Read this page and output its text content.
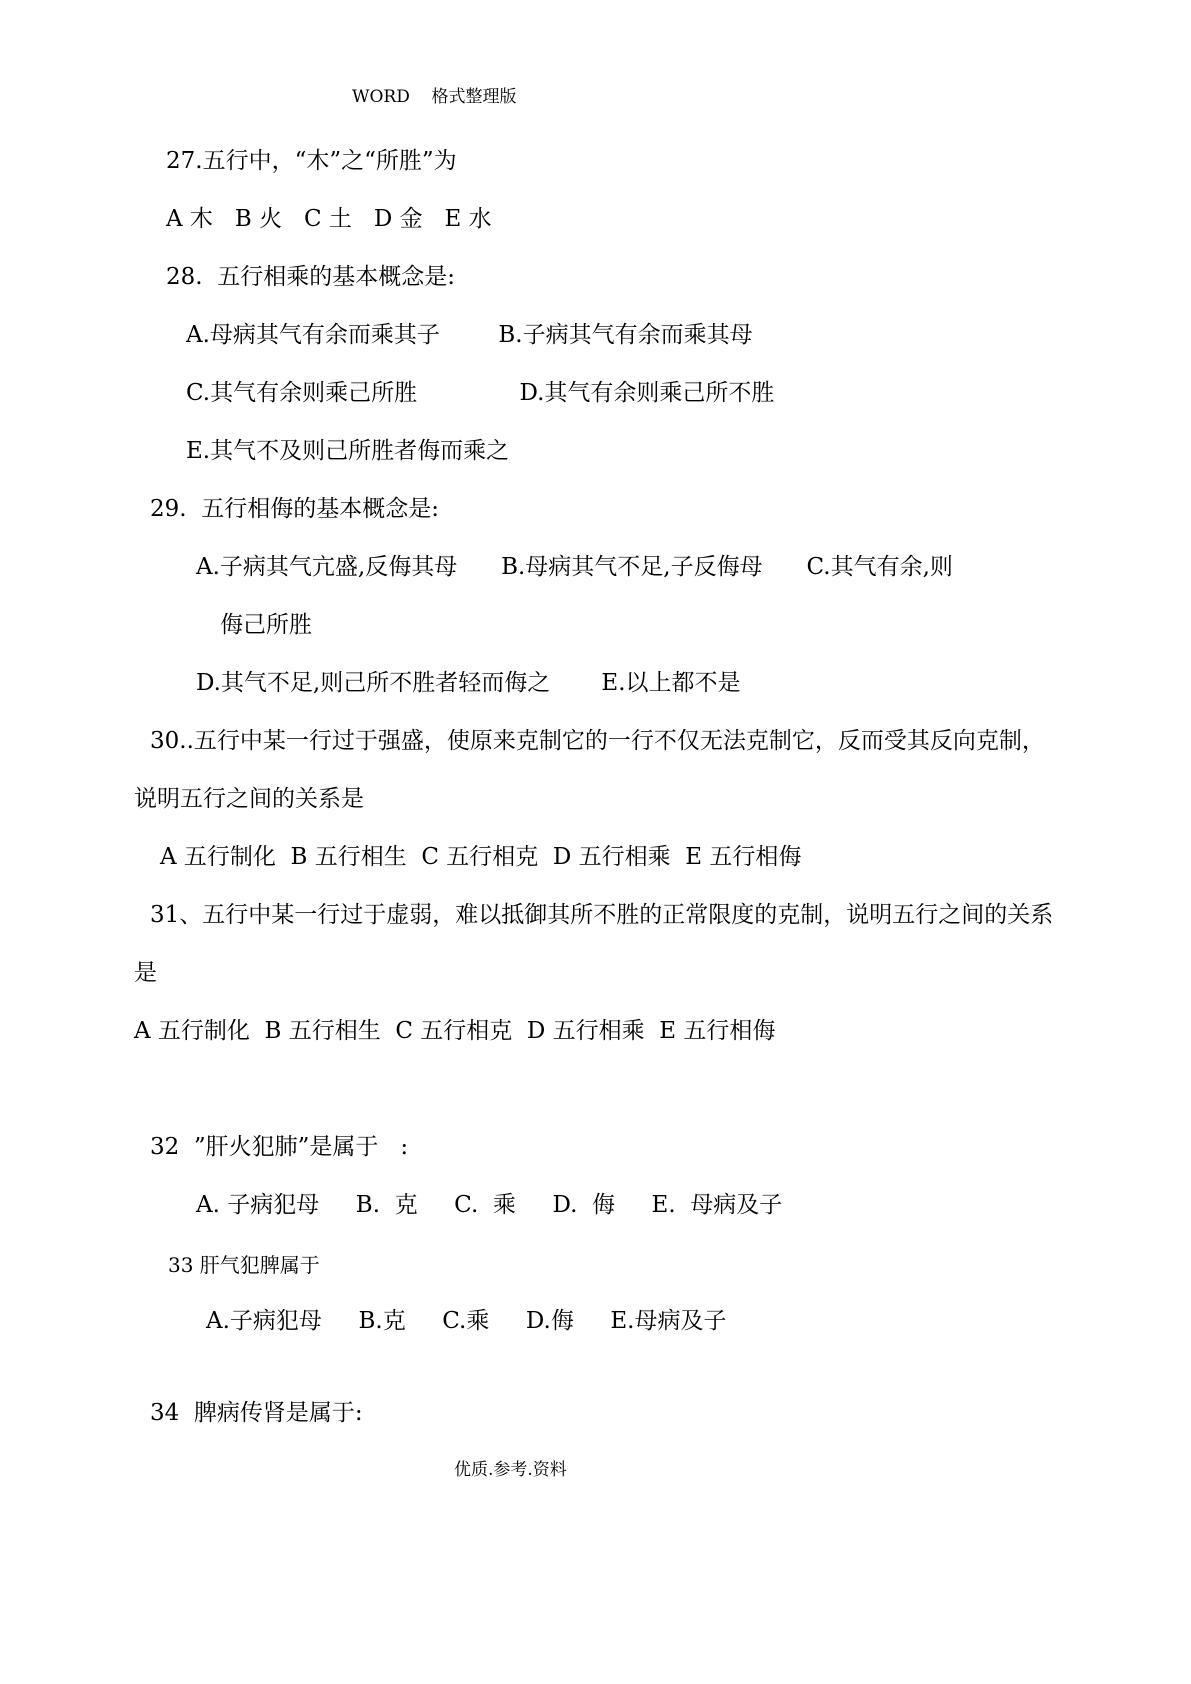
WORD    格式整理版
27.五行中，“木”之“所胜”为
A 木   B 火   C 土   D 金   E 水
28.  五行相乘的基本概念是:
A.母病其气有余而乘其子        B.子病其气有余而乘其母
C.其气有余则乘己所胜              D.其气有余则乘己所不胜
E.其气不及则己所胜者侮而乘之
29.  五行相侮的基本概念是:
A.子病其气亢盛,反侮其母      B.母病其气不足,子反侮母      C.其气有余,则
侮己所胜
D.其气不足,则己所不胜者轻而侮之       E.以上都不是
30..五行中某一行过于强盛，使原来克制它的一行不仅无法克制它，反而受其反向克制，
说明五行之间的关系是
A 五行制化  B 五行相生  C 五行相克  D 五行相乘  E 五行相侮
31、五行中某一行过于虚弱，难以抵御其所不胜的正常限度的克制，说明五行之间的关系
是
A 五行制化  B 五行相生  C 五行相克  D 五行相乘  E 五行相侮
32  ”肝火犯肺”是属于   :
A. 子病犯母     B.  克     C.  乘     D.  侮     E.  母病及子
33 肝气犯脾属于
A.子病犯母     B.克     C.乘     D.侮     E.母病及子
34  脾病传肾是属于:
优质.参考.资料
